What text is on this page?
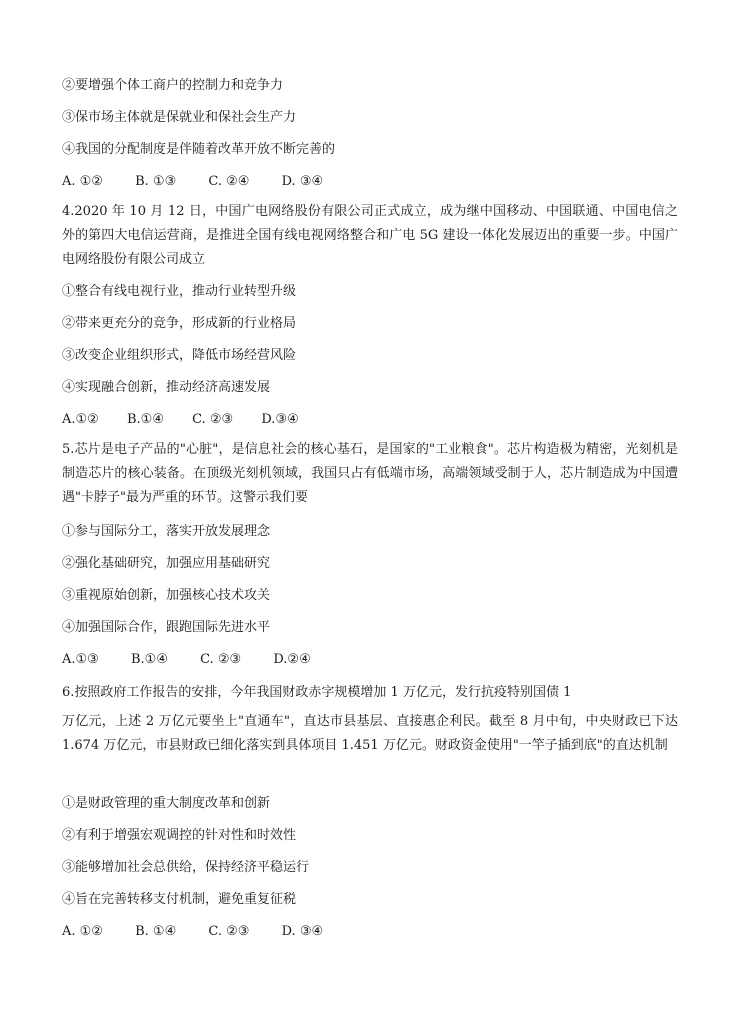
②要增强个体工商户的控制力和竞争力
③保市场主体就是保就业和保社会生产力
④我国的分配制度是伴随着改革开放不断完善的
A. ①② B. ①③ C. ②④ D. ③④
4.2020 年 10 月 12 日，中国广电网络股份有限公司正式成立，成为继中国移动、中国联通、中国电信之外的第四大电信运营商，是推进全国有线电视网络整合和广电 5G 建设一体化发展迈出的重要一步。中国广电网络股份有限公司成立
①整合有线电视行业，推动行业转型升级
②带来更充分的竞争，形成新的行业格局
③改变企业组织形式，降低市场经营风险
④实现融合创新，推动经济高速发展
A.①② B.①④ C. ②③ D.③④
5.芯片是电子产品的"心脏"，是信息社会的核心基石，是国家的"工业粮食"。芯片构造极为精密，光刻机是制造芯片的核心装备。在顶级光刻机领域，我国只占有低端市场，高端领域受制于人，芯片制造成为中国遭遇"卡脖子"最为严重的环节。这警示我们要
①参与国际分工，落实开放发展理念
②强化基础研究，加强应用基础研究
③重视原始创新，加强核心技术攻关
④加强国际合作，跟跑国际先进水平
A.①③ B.①④ C. ②③ D.②④
6.按照政府工作报告的安排，今年我国财政赤字规模增加 1 万亿元，发行抗疫特别国债 1
万亿元，上述 2 万亿元要坐上"直通车"，直达市县基层、直接惠企利民。截至 8 月中旬，中央财政已下达 1.674 万亿元，市县财政已细化落实到具体项目 1.451 万亿元。财政资金使用"一竿子插到底"的直达机制
①是财政管理的重大制度改革和创新
②有利于增强宏观调控的针对性和时效性
③能够增加社会总供给，保持经济平稳运行
④旨在完善转移支付机制，避免重复征税
A. ①② B. ①④ C. ②③ D. ③④
